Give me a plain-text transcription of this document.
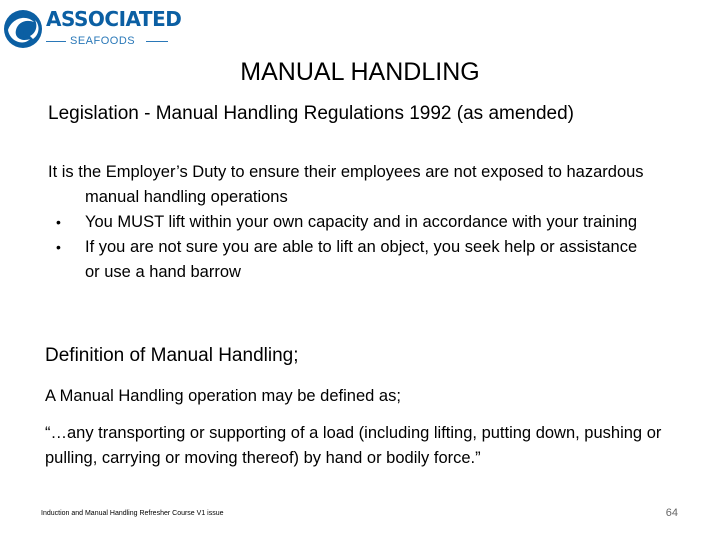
ASSOCIATED
SEAFOODS
MANUAL HANDLING
Legislation - Manual Handling Regulations 1992 (as amended)
It is the Employer’s Duty to ensure their employees are not exposed to hazardous manual handling operations
•	You MUST lift within your own capacity and in accordance with your training
•	If you are not sure you are able to lift an object, you seek help or assistance or use a hand barrow
Definition of Manual Handling;
A Manual Handling operation may be defined as;
“…any transporting or supporting of a load (including lifting, putting down, pushing or pulling, carrying or moving thereof) by hand or bodily force.”
Induction and Manual Handling Refresher Course V1 issue	64
